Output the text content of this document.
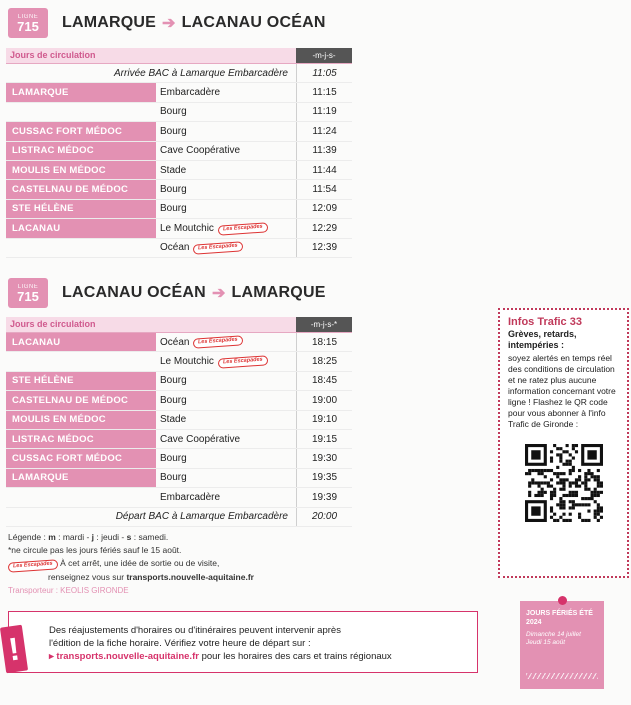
LIGNE
715 LAMARQUE ➔ LACANAU OCÉAN
Jours de circulation	-m-j-s-
Arrivée BAC à Lamarque Embarcadère	11:05
LAMARQUE	Embarcadère	11:15
Bourg	11:19
CUSSAC FORT MÉDOC	Bourg	11:24
LISTRAC MÉDOC	Cave Coopérative	11:39
MOULIS EN MÉDOC	Stade	11:44
CASTELNAU DE MÉDOC	Bourg	11:54
STE HÉLÈNE	Bourg	12:09
LACANAU	Le Moutchic	Les Escapades	12:29
Océan	Les Escapades	12:39
LIGNE
715 LACANAU OCÉAN ➔ LAMARQUE
Jours de circulation	-m-j-s-*
LACANAU	Océan	Les Escapades	18:15
Le Moutchic	Les Escapades	18:25
STE HÉLÈNE	Bourg	18:45
CASTELNAU DE MÉDOC	Bourg	19:00
MOULIS EN MÉDOC	Stade	19:10
LISTRAC MÉDOC	Cave Coopérative	19:15
CUSSAC FORT MÉDOC	Bourg	19:30
LAMARQUE	Bourg	19:35
Embarcadère	19:39
Départ BAC à Lamarque Embarcadère	20:00
Légende : m : mardi - j : jeudi - s : samedi.
*ne circule pas les jours fériés sauf le 15 août.
Les Escapades À cet arrêt, une idée de sortie ou de visite,
renseignez vous sur transports.nouvelle-aquitaine.fr
Transporteur : KEOLIS GIRONDE
!	Des réajustements d'horaires ou d'itinéraires peuvent intervenir après
l'édition de la fiche horaire. Vérifiez votre heure de départ sur :
▸ transports.nouvelle-aquitaine.fr pour les horaires des cars et trains régionaux
Infos Trafic 33
Grèves, retards, intempéries :
soyez alertés en temps réel des conditions de circulation et ne ratez plus aucune information concernant votre ligne ! Flashez le QR code pour vous abonner à l'info Trafic de Gironde :
JOURS FÉRIÉS ÉTÉ 2024
Dimanche 14 juillet
Jeudi 15 août
